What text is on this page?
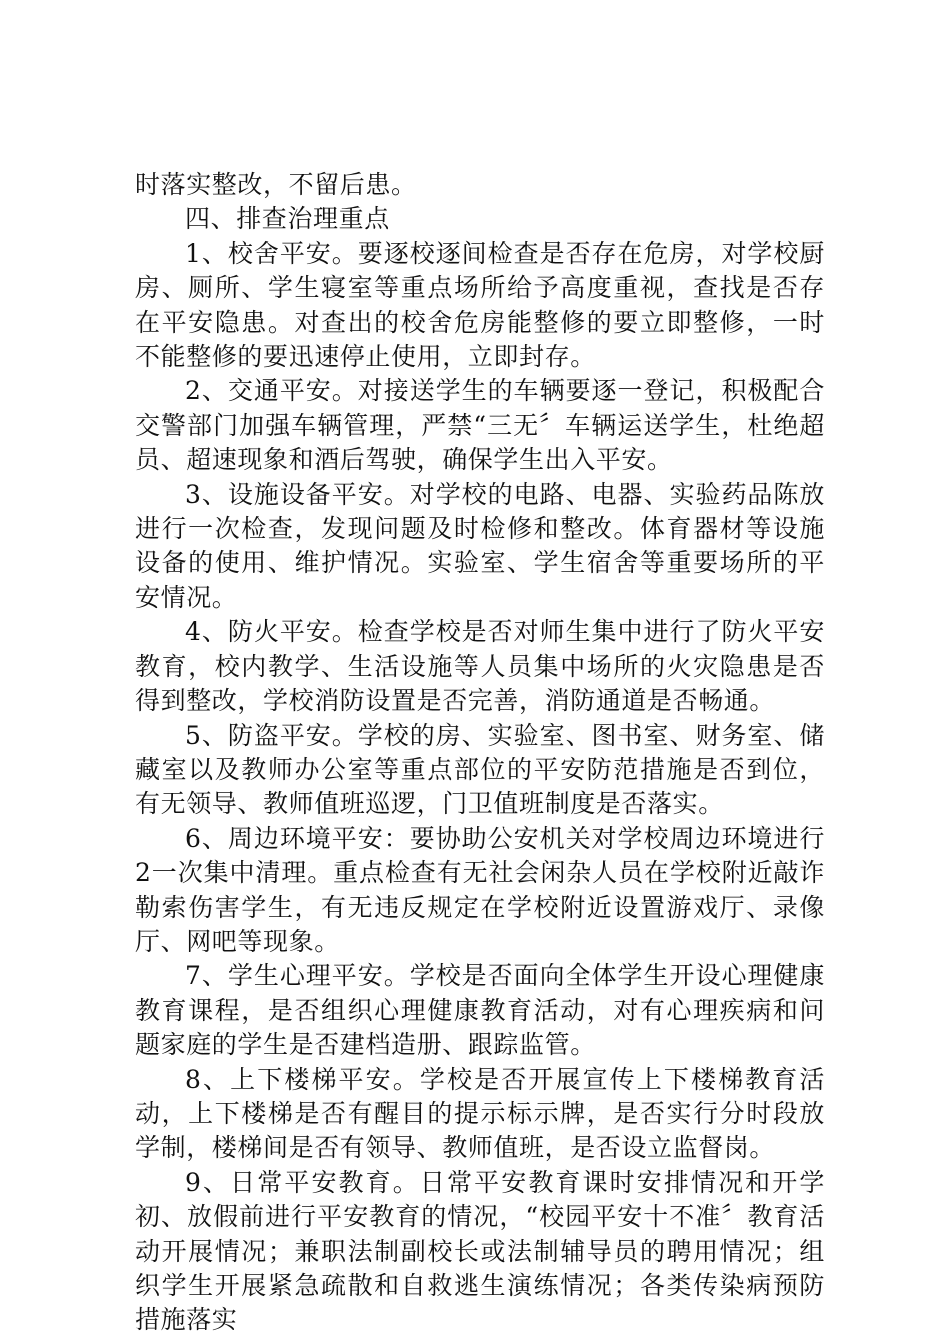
时落实整改，不留后患。

四、排查治理重点

1、校舍平安。要逐校逐间检查是否存在危房，对学校厨房、厕所、学生寝室等重点场所给予高度重视，查找是否存在平安隐患。对查出的校舍危房能整修的要立即整修，一时不能整修的要迅速停止使用，立即封存。

2、交通平安。对接送学生的车辆要逐一登记，积极配合交警部门加强车辆管理，严禁“三无〞车辆运送学生，杜绝超员、超速现象和酒后驾驶，确保学生出入平安。

3、设施设备平安。对学校的电路、电器、实验药品陈放进行一次检查，发现问题及时检修和整改。体育器材等设施设备的使用、维护情况。实验室、学生宿舍等重要场所的平安情况。

4、防火平安。检查学校是否对师生集中进行了防火平安教育，校内教学、生活设施等人员集中场所的火灾隐患是否得到整改，学校消防设置是否完善，消防通道是否畅通。

5、防盗平安。学校的房、实验室、图书室、财务室、储藏室以及教师办公室等重点部位的平安防范措施是否到位，有无领导、教师值班巡逻，门卫值班制度是否落实。

6、周边环境平安：要协助公安机关对学校周边环境进行2一次集中清理。重点检查有无社会闲杂人员在学校附近敲诈勒索伤害学生，有无违反规定在学校附近设置游戏厅、录像厅、网吧等现象。

7、学生心理平安。学校是否面向全体学生开设心理健康教育课程，是否组织心理健康教育活动，对有心理疾病和问题家庭的学生是否建档造册、跟踪监管。

8、上下楼梯平安。学校是否开展宣传上下楼梯教育活动，上下楼梯是否有醒目的提示标示牌，是否实行分时段放学制，楼梯间是否有领导、教师值班，是否设立监督岗。

9、日常平安教育。日常平安教育课时安排情况和开学初、放假前进行平安教育的情况，“校园平安十不准〞教育活动开展情况；兼职法制副校长或法制辅导员的聘用情况；组织学生开展紧急疏散和自救逃生演练情况；各类传染病预防措施落实
